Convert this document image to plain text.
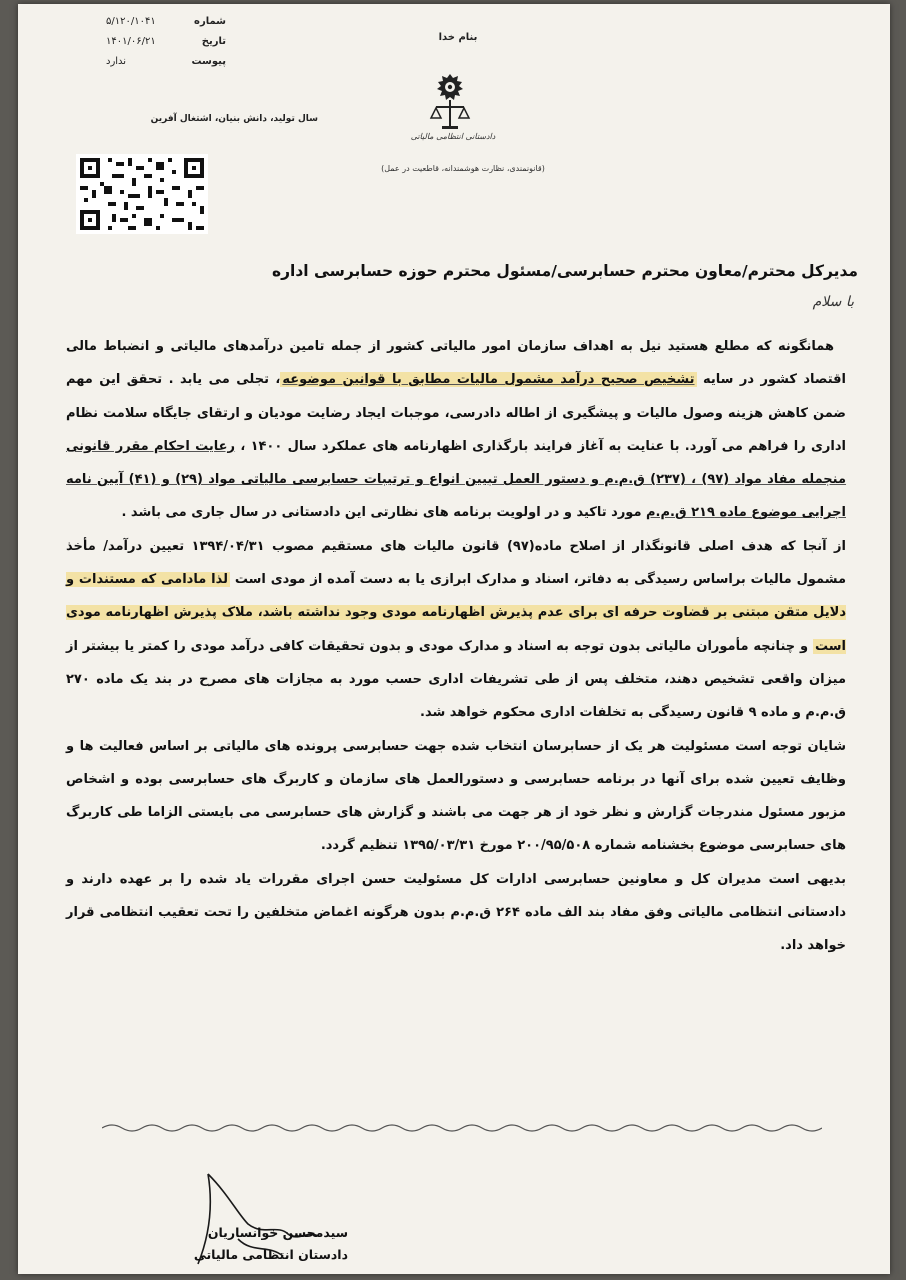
شماره
۵/۱۲۰/۱۰۴۱
تاریخ
۱۴۰۱/۰۶/۲۱
پیوست
ندارد
سال تولید، دانش بنیان، اشتغال آفرین
بنام خدا
دادستانی انتظامی مالیاتی
(قانونمندی، نظارت هوشمندانه، قاطعیت در عمل)
مدیرکل محترم/معاون محترم حسابرسی/مسئول محترم حوزه حسابرسی اداره
با سلام

همانگونه که مطلع هستید نیل به اهداف سازمان امور مالیاتی کشور از جمله تامین درآمدهای مالیاتی و انضباط مالی اقتصاد کشور در سایه تشخیص صحیح درآمد مشمول مالیات مطابق با قوانین موضوعه، تجلی می یابد . تحقق این مهم ضمن کاهش هزینه وصول مالیات و پیشگیری از اطاله دادرسی، موجبات ایجاد رضایت مودیان و ارتقای جایگاه سلامت نظام اداری را فراهم می آورد. با عنایت به آغاز فرایند بارگذاری اظهارنامه های عملکرد سال ۱۴۰۰ ، رعایت احکام مقرر قانونی منجمله مفاد مواد (۹۷) ، (۲۳۷) ق.م.م و دستور العمل تبیین انواع و ترتیبات حسابرسی مالیاتی مواد (۲۹) و (۴۱) آیین نامه اجرایی موضوع ماده ۲۱۹ ق.م.م مورد تاکید و در اولویت برنامه های نظارتی این دادستانی در سال جاری می باشد .

از آنجا که هدف اصلی قانونگذار از اصلاح ماده(۹۷) قانون مالیات های مستقیم مصوب ۱۳۹۴/۰۴/۳۱ تعیین درآمد/ مأخذ مشمول مالیات براساس رسیدگی به دفاتر، اسناد و مدارک ابرازی یا به دست آمده از مودی است لذا مادامی که مستندات و دلایل متقن مبتنی بر قضاوت حرفه ای برای عدم پذیرش اظهارنامه مودی وجود نداشته باشد، ملاک پذیرش اظهارنامه مودی است و چنانچه مأموران مالیاتی بدون توجه به اسناد و مدارک مودی و بدون تحقیقات کافی درآمد مودی را کمتر یا بیشتر از میزان واقعی تشخیص دهند، متخلف پس از طی تشریفات اداری حسب مورد به مجازات های مصرح در بند یک ماده ۲۷۰ ق.م.م و ماده ۹ قانون رسیدگی به تخلفات اداری محکوم خواهد شد.

شایان توجه است مسئولیت هر یک از حسابرسان انتخاب شده جهت حسابرسی پرونده های مالیاتی بر اساس فعالیت ها و وظایف تعیین شده برای آنها در برنامه حسابرسی و دستورالعمل های سازمان و کاربرگ های حسابرسی بوده و اشخاص مزبور مسئول مندرجات گزارش و نظر خود از هر جهت می باشند و گزارش های حسابرسی می بایستی الزاما طی کاربرگ های حسابرسی موضوع بخشنامه شماره ۲۰۰/۹۵/۵۰۸ مورخ ۱۳۹۵/۰۳/۳۱ تنظیم گردد.

بدیهی است مدیران کل و معاونین حسابرسی ادارات کل مسئولیت حسن اجرای مقررات یاد شده را بر عهده دارند و دادستانی انتظامی مالیاتی وفق مفاد بند الف ماده ۲۶۴ ق.م.م بدون هرگونه اغماض متخلفین را تحت تعقیب انتظامی قرار خواهد داد.

سیدمحسن خوانساریان
دادستان انتظامی مالیاتی
